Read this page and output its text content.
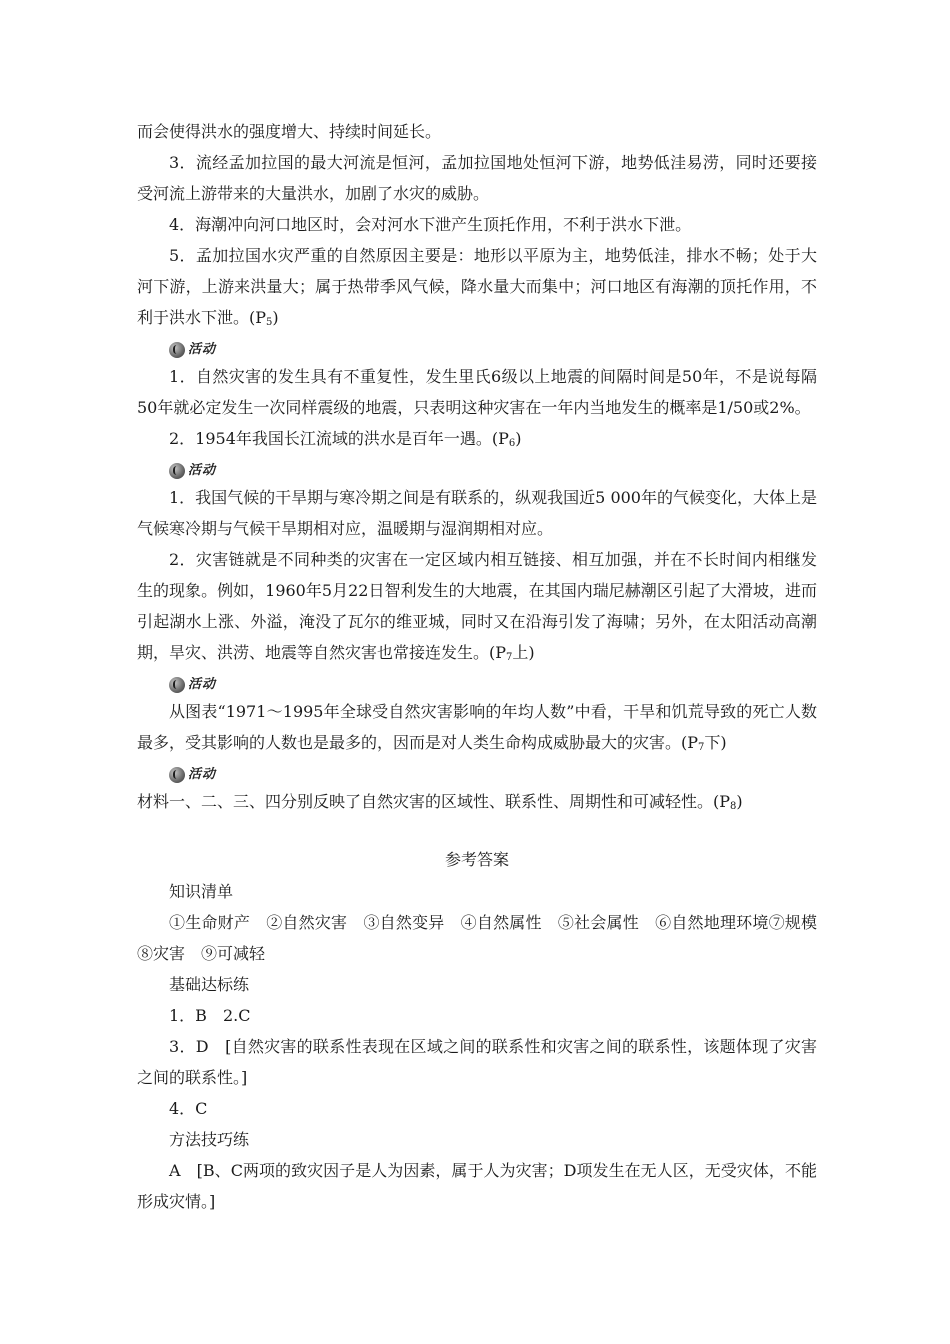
而会使得洪水的强度增大、持续时间延长。

3．流经孟加拉国的最大河流是恒河，孟加拉国地处恒河下游，地势低洼易涝，同时还要接受河流上游带来的大量洪水，加剧了水灾的威胁。

4．海潮冲向河口地区时，会对河水下泄产生顶托作用，不利于洪水下泄。

5．孟加拉国水灾严重的自然原因主要是：地形以平原为主，地势低洼，排水不畅；处于大河下游，上游来洪量大；属于热带季风气候，降水量大而集中；河口地区有海潮的顶托作用，不利于洪水下泄。$(P_5)$

活动

1．自然灾害的发生具有不重复性，发生里氏6级以上地震的间隔时间是50年，不是说每隔50年就必定发生一次同样震级的地震，只表明这种灾害在一年内当地发生的概率是1/50或2%。

2．1954年我国长江流域的洪水是百年一遇。$(P_6)$

活动

1．我国气候的干旱期与寒冷期之间是有联系的，纵观我国近5 000年的气候变化，大体上是气候寒冷期与气候干旱期相对应，温暖期与湿润期相对应。

2．灾害链就是不同种类的灾害在一定区域内相互链接、相互加强，并在不长时间内相继发生的现象。例如，1960年5月22日智利发生的大地震，在其国内瑞尼赫潮区引起了大滑坡，进而引起湖水上涨、外溢，淹没了瓦尔的维亚城，同时又在沿海引发了海啸；另外，在太阳活动高潮期，旱灾、洪涝、地震等自然灾害也常接连发生。($P_7$上)

活动

从图表“1971～1995年全球受自然灾害影响的年均人数”中看，干旱和饥荒导致的死亡人数最多，受其影响的人数也是最多的，因而是对人类生命构成威胁最大的灾害。($P_7$下)

活动

材料一、二、三、四分别反映了自然灾害的区域性、联系性、周期性和可减轻性。$(P_8)$

参考答案

知识清单

①生命财产　②自然灾害　③自然变异　④自然属性　⑤社会属性　⑥自然地理环境⑦规模　⑧灾害　⑨可减轻

基础达标练

1．B　2.C

3．D　[自然灾害的联系性表现在区域之间的联系性和灾害之间的联系性，该题体现了灾害之间的联系性。]

4．C

方法技巧练

A　[B、C两项的致灾因子是人为因素，属于人为灾害；D项发生在无人区，无受灾体，不能形成灾情。]
